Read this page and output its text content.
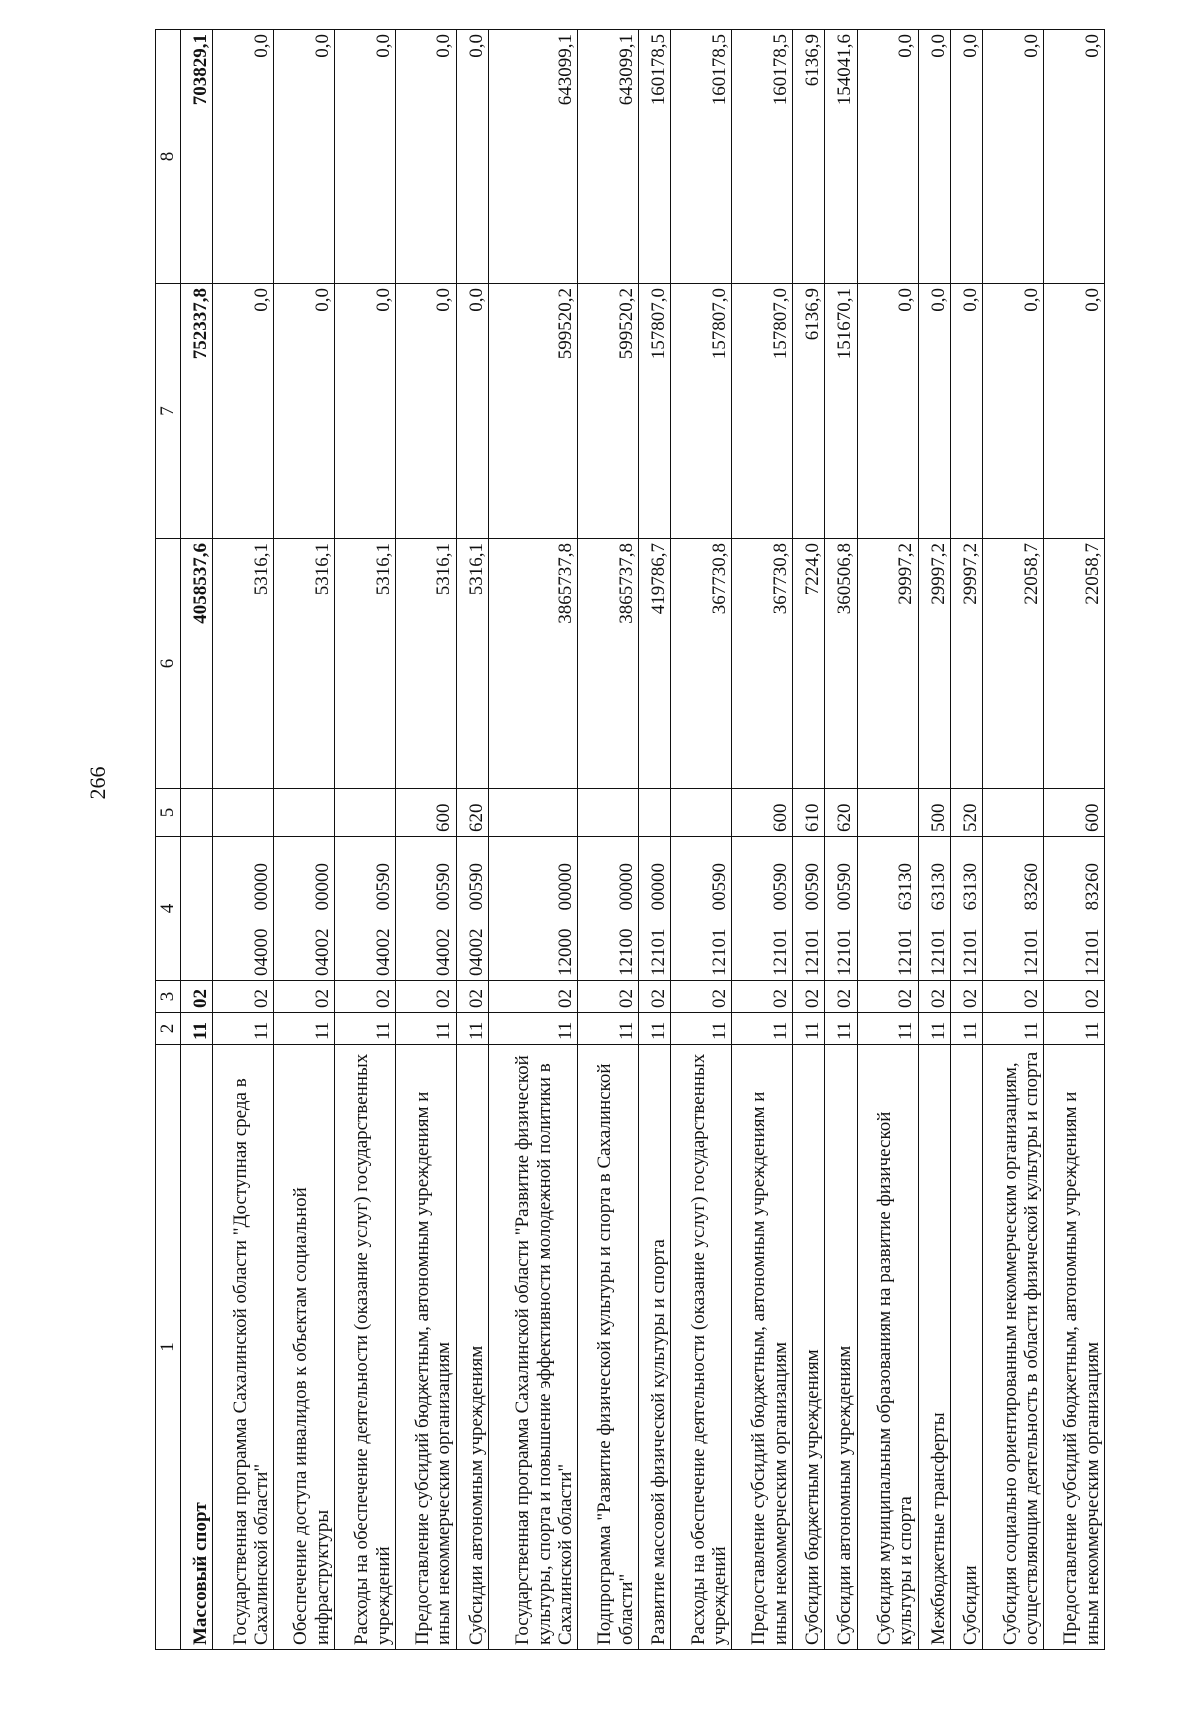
266
1	2	3	4		5	6	7	8
Массовый спорт	11	02				4058537,6	752337,8	703829,1
Государственная программа Сахалинской области "Доступная среда в Сахалинской области"	11	02	04000	00000		5316,1	0,0	0,0
Обеспечение доступа инвалидов к объектам социальной инфраструктуры	11	02	04002	00000		5316,1	0,0	0,0
Расходы на обеспечение деятельности (оказание услуг) государственных учреждений	11	02	04002	00590		5316,1	0,0	0,0
Предоставление субсидий бюджетным, автономным учреждениям и иным некоммерческим организациям	11	02	04002	00590	600	5316,1	0,0	0,0
Субсидии автономным учреждениям	11	02	04002	00590	620	5316,1	0,0	0,0
Государственная программа Сахалинской области "Развитие физической культуры, спорта и повышение эффективности молодежной политики в Сахалинской области"	11	02	12000	00000		3865737,8	599520,2	643099,1
Подпрограмма "Развитие физической культуры и спорта в Сахалинской области"	11	02	12100	00000		3865737,8	599520,2	643099,1
Развитие массовой физической культуры и спорта	11	02	12101	00000		419786,7	157807,0	160178,5
Расходы на обеспечение деятельности (оказание услуг) государственных учреждений	11	02	12101	00590		367730,8	157807,0	160178,5
Предоставление субсидий бюджетным, автономным учреждениям и иным некоммерческим организациям	11	02	12101	00590	600	367730,8	157807,0	160178,5
Субсидии бюджетным учреждениям	11	02	12101	00590	610	7224,0	6136,9	6136,9
Субсидии автономным учреждениям	11	02	12101	00590	620	360506,8	151670,1	154041,6
Субсидия муниципальным образованиям на развитие физической культуры и спорта	11	02	12101	63130		29997,2	0,0	0,0
Межбюджетные трансферты	11	02	12101	63130	500	29997,2	0,0	0,0
Субсидии	11	02	12101	63130	520	29997,2	0,0	0,0
Субсидия социально ориентированным некоммерческим организациям, осуществляющим деятельность в области физической культуры и спорта	11	02	12101	83260		22058,7	0,0	0,0
Предоставление субсидий бюджетным, автономным учреждениям и иным некоммерческим организациям	11	02	12101	83260	600	22058,7	0,0	0,0
